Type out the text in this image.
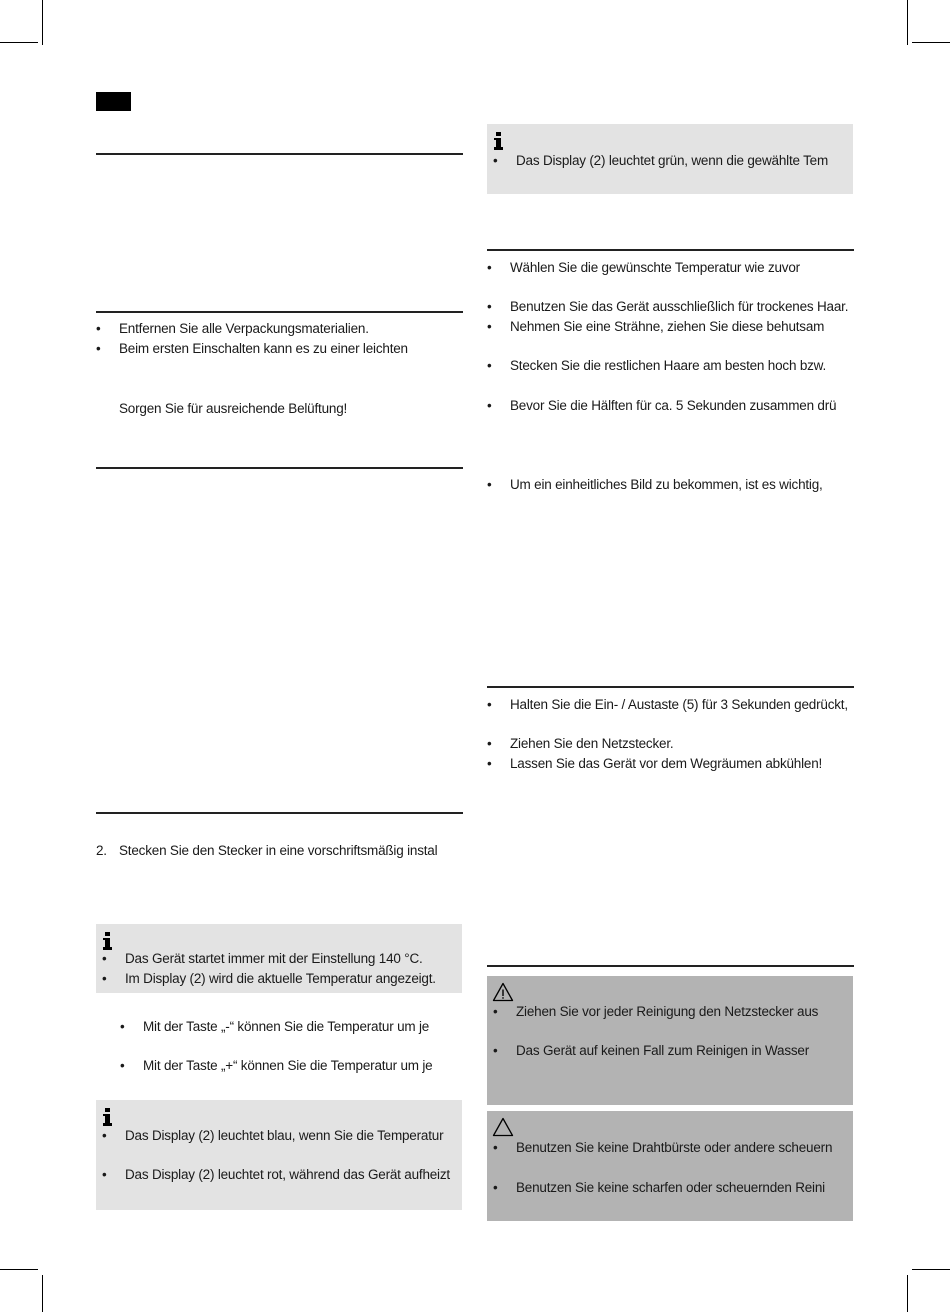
• Entfernen Sie alle Verpackungsmaterialien.
• Beim ersten Einschalten kann es zu einer leichten
Sorgen Sie für ausreichende Belüftung!
2. Stecken Sie den Stecker in eine vorschriftsmäßig instal
• Das Gerät startet immer mit der Einstellung 140 °C.
• Im Display (2) wird die aktuelle Temperatur angezeigt.
• Mit der Taste „-“ können Sie die Temperatur um je
• Mit der Taste „+“ können Sie die Temperatur um je
• Das Display (2) leuchtet blau, wenn Sie die Temperatur
• Das Display (2) leuchtet rot, während das Gerät aufheizt
• Das Display (2) leuchtet grün, wenn die gewählte Tem
• Wählen Sie die gewünschte Temperatur wie zuvor
• Benutzen Sie das Gerät ausschließlich für trockenes Haar.
• Nehmen Sie eine Strähne, ziehen Sie diese behutsam
• Stecken Sie die restlichen Haare am besten hoch bzw.
• Bevor Sie die Hälften für ca. 5 Sekunden zusammen drü
• Um ein einheitliches Bild zu bekommen, ist es wichtig,
• Halten Sie die Ein- / Austaste (5) für 3 Sekunden gedrückt,
• Ziehen Sie den Netzstecker.
• Lassen Sie das Gerät vor dem Wegräumen abkühlen!
• Ziehen Sie vor jeder Reinigung den Netzstecker aus
• Das Gerät auf keinen Fall zum Reinigen in Wasser
• Benutzen Sie keine Drahtbürste oder andere scheuern
• Benutzen Sie keine scharfen oder scheuernden Reini
